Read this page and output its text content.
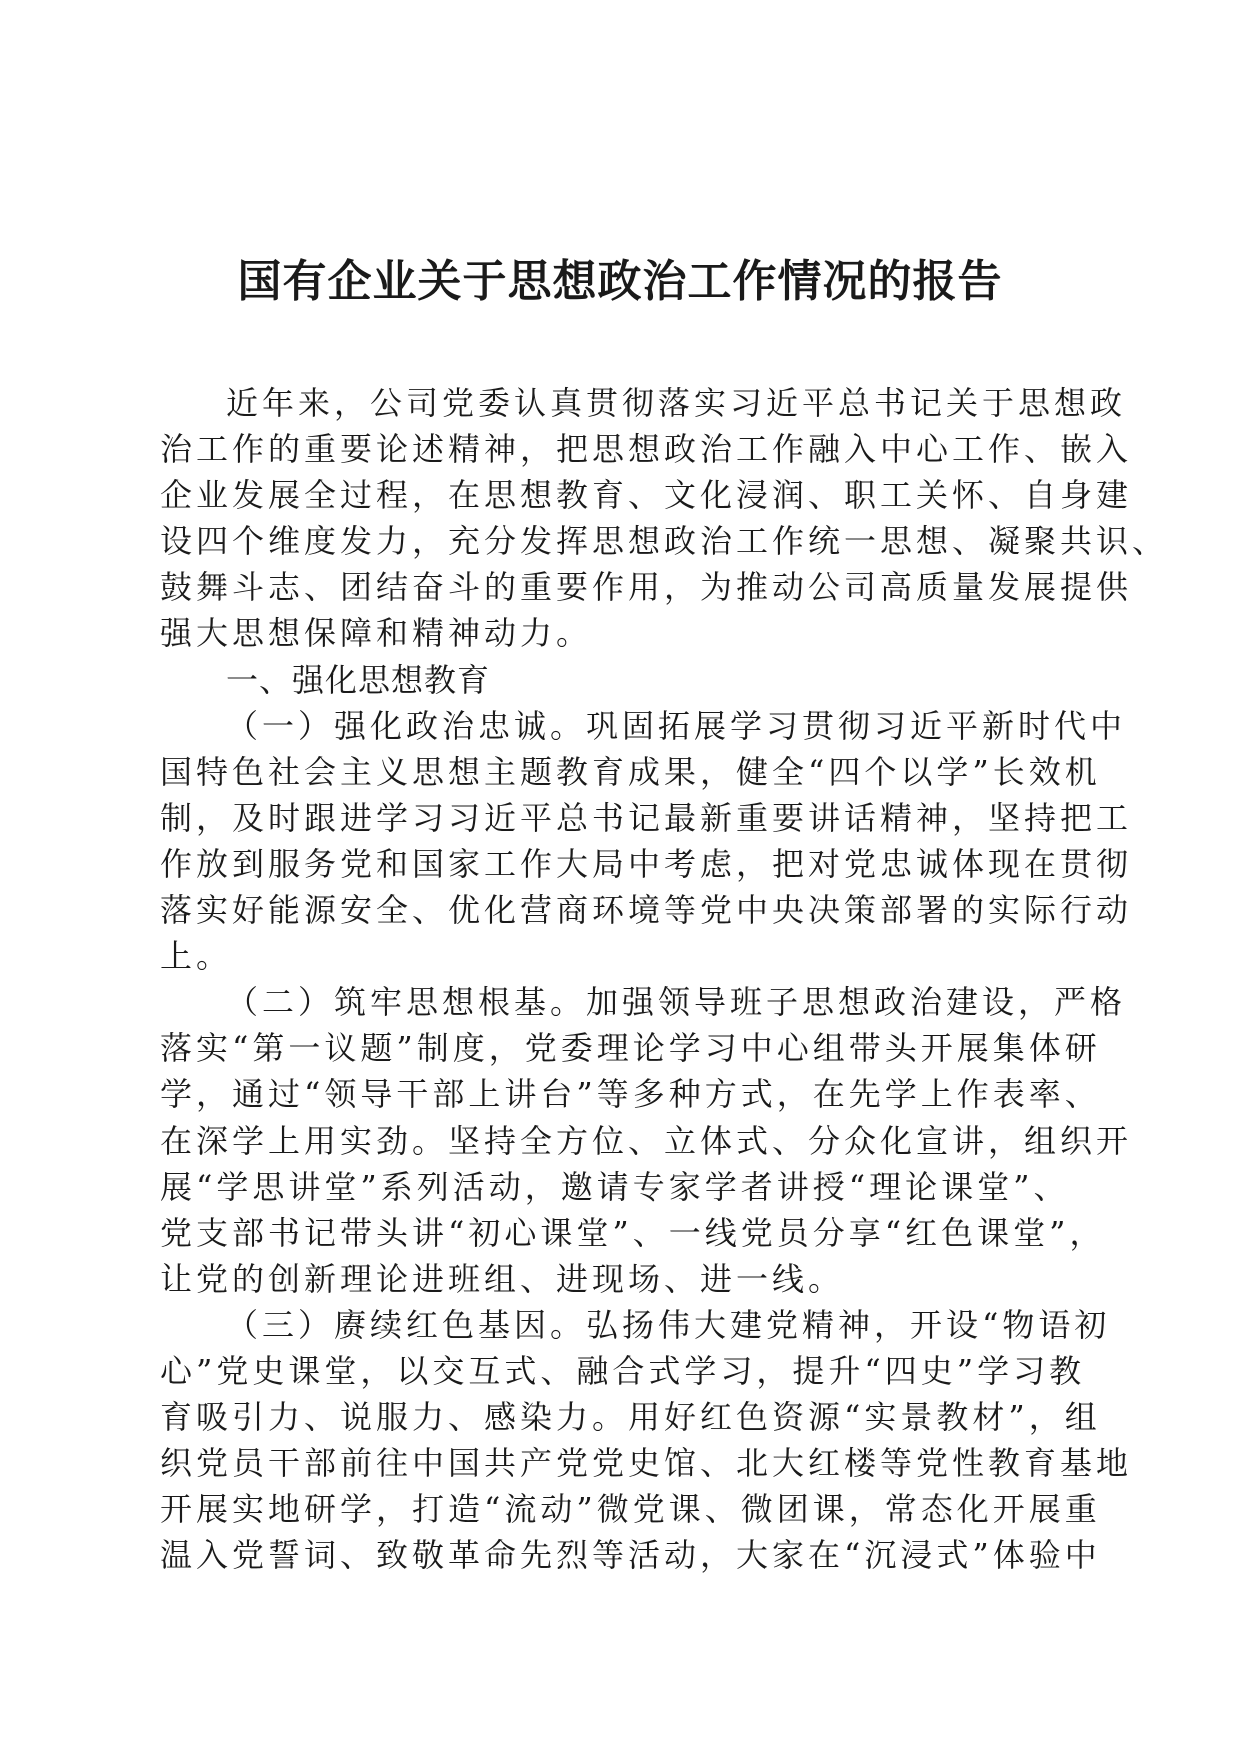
国有企业关于思想政治工作情况的报告
近年来，公司党委认真贯彻落实习近平总书记关于思想政
治工作的重要论述精神，把思想政治工作融入中心工作、嵌入
企业发展全过程，在思想教育、文化浸润、职工关怀、自身建
设四个维度发力，充分发挥思想政治工作统一思想、凝聚共识、
鼓舞斗志、团结奋斗的重要作用，为推动公司高质量发展提供
强大思想保障和精神动力。
一、强化思想教育
（一）强化政治忠诚。巩固拓展学习贯彻习近平新时代中
国特色社会主义思想主题教育成果，健全“四个以学”长效机
制，及时跟进学习习近平总书记最新重要讲话精神，坚持把工
作放到服务党和国家工作大局中考虑，把对党忠诚体现在贯彻
落实好能源安全、优化营商环境等党中央决策部署的实际行动
上。
（二）筑牢思想根基。加强领导班子思想政治建设，严格
落实“第一议题”制度，党委理论学习中心组带头开展集体研
学，通过“领导干部上讲台”等多种方式，在先学上作表率、
在深学上用实劲。坚持全方位、立体式、分众化宣讲，组织开
展“学思讲堂”系列活动，邀请专家学者讲授“理论课堂”、
党支部书记带头讲“初心课堂”、一线党员分享“红色课堂”，
让党的创新理论进班组、进现场、进一线。
（三）赓续红色基因。弘扬伟大建党精神，开设“物语初
心”党史课堂，以交互式、融合式学习，提升“四史”学习教
育吸引力、说服力、感染力。用好红色资源“实景教材”，组
织党员干部前往中国共产党党史馆、北大红楼等党性教育基地
开展实地研学，打造“流动”微党课、微团课，常态化开展重
温入党誓词、致敬革命先烈等活动，大家在“沉浸式”体验中
